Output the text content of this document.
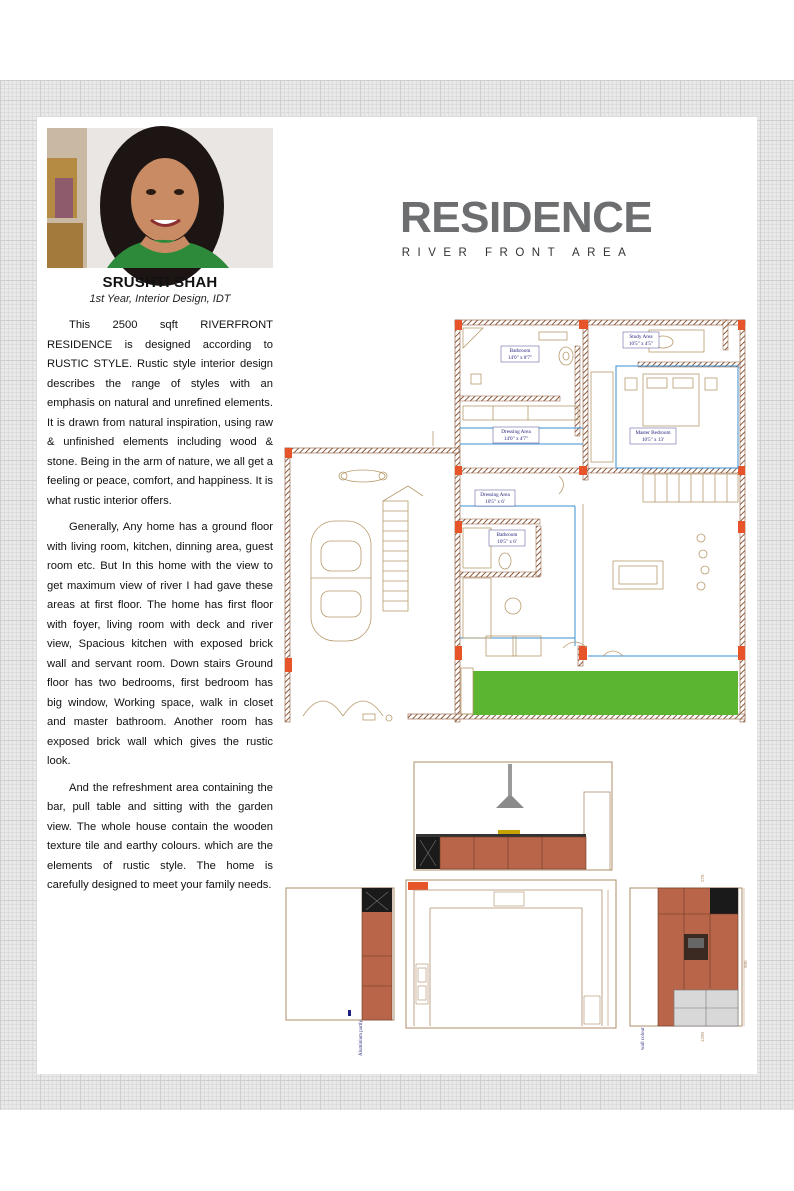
SRUSHTI SHAH
1st Year, Interior Design, IDT

This 2500 sqft RIVERFRONT RESIDENCE is designed according to RUSTIC STYLE. Rustic style interior design describes the range of styles with an emphasis on natural and unrefined elements. It is drawn from natural inspiration, using raw & unfinished elements including wood & stone. Being in the arm of nature, we all get a feeling or peace, comfort, and happiness. It is what rustic interior offers.

Generally, Any home has a ground floor with living room, kitchen, dinning area, guest room etc. But In this home with the view to get maximum view of river I had gave these areas at first floor. The home has first floor with foyer, living room with deck and river view, Spacious kitchen with exposed brick wall and servant room. Down stairs Ground floor has two bedrooms, first bedroom has big window, Working space, walk in closet and master bathroom. Another room has exposed brick wall which gives the rustic look.

And the refreshment area containing the bar, pull table and sitting with the garden view. The whole house contain the wooden texture tile and earthy colours. which are the elements of rustic style. The home is carefully designed to meet your family needs.

RESIDENCE
RIVER FRONT AREA
Bathroom
14'0" x 8'7"
Study Area
10'5" x 4'5"
Dressing Area
14'0" x 4'7"
Master Bedroom
10'5" x 13'
Dressing Area
10'5" x 6'
Bathroom
10'5" x 6'
Aluminium partly
270
1290
900
wall colour
